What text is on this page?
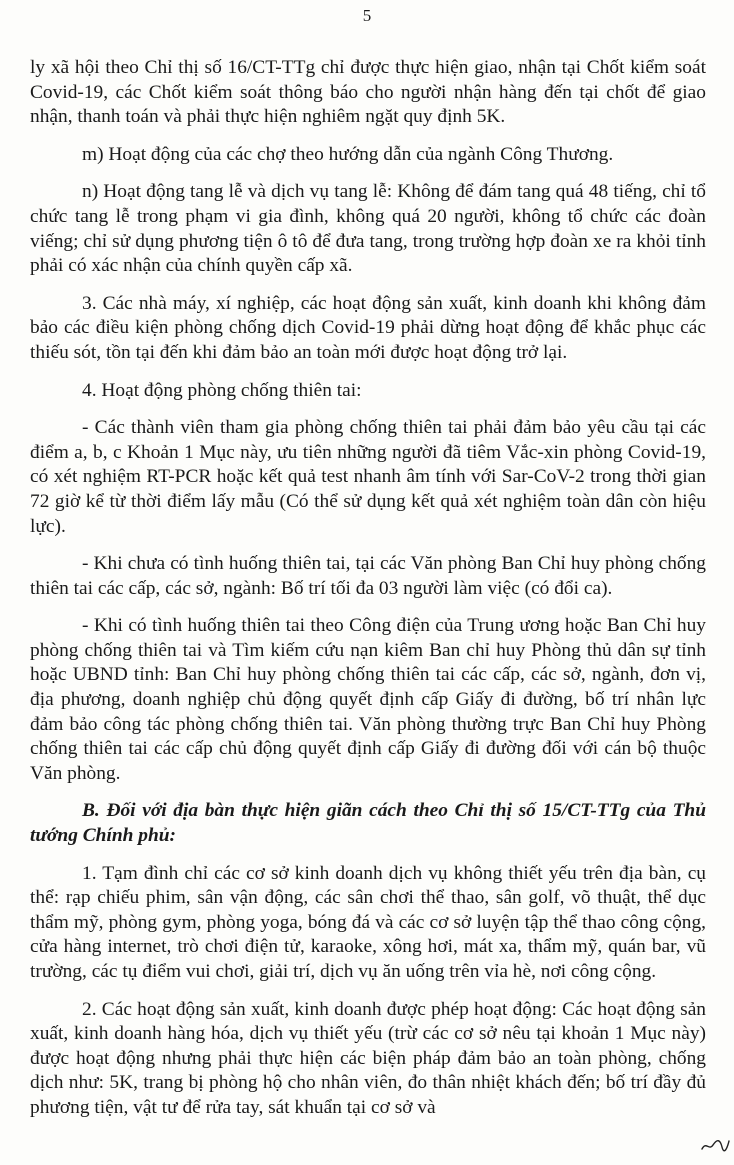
5

ly xã hội theo Chỉ thị số 16/CT-TTg chỉ được thực hiện giao, nhận tại Chốt kiểm soát Covid-19, các Chốt kiểm soát thông báo cho người nhận hàng đến tại chốt để giao nhận, thanh toán và phải thực hiện nghiêm ngặt quy định 5K.

m) Hoạt động của các chợ theo hướng dẫn của ngành Công Thương.

n) Hoạt động tang lễ và dịch vụ tang lễ: Không để đám tang quá 48 tiếng, chỉ tổ chức tang lễ trong phạm vi gia đình, không quá 20 người, không tổ chức các đoàn viếng; chỉ sử dụng phương tiện ô tô để đưa tang, trong trường hợp đoàn xe ra khỏi tỉnh phải có xác nhận của chính quyền cấp xã.

3. Các nhà máy, xí nghiệp, các hoạt động sản xuất, kinh doanh khi không đảm bảo các điều kiện phòng chống dịch Covid-19 phải dừng hoạt động để khắc phục các thiếu sót, tồn tại đến khi đảm bảo an toàn mới được hoạt động trở lại.

4. Hoạt động phòng chống thiên tai:

- Các thành viên tham gia phòng chống thiên tai phải đảm bảo yêu cầu tại các điểm a, b, c Khoản 1 Mục này, ưu tiên những người đã tiêm Vắc-xin phòng Covid-19, có xét nghiệm RT-PCR hoặc kết quả test nhanh âm tính với Sar-CoV-2 trong thời gian 72 giờ kể từ thời điểm lấy mẫu (Có thể sử dụng kết quả xét nghiệm toàn dân còn hiệu lực).

- Khi chưa có tình huống thiên tai, tại các Văn phòng Ban Chỉ huy phòng chống thiên tai các cấp, các sở, ngành: Bố trí tối đa 03 người làm việc (có đổi ca).

- Khi có tình huống thiên tai theo Công điện của Trung ương hoặc Ban Chỉ huy phòng chống thiên tai và Tìm kiếm cứu nạn kiêm Ban chỉ huy Phòng thủ dân sự tỉnh hoặc UBND tỉnh: Ban Chỉ huy phòng chống thiên tai các cấp, các sở, ngành, đơn vị, địa phương, doanh nghiệp chủ động quyết định cấp Giấy đi đường, bố trí nhân lực đảm bảo công tác phòng chống thiên tai. Văn phòng thường trực Ban Chỉ huy Phòng chống thiên tai các cấp chủ động quyết định cấp Giấy đi đường đối với cán bộ thuộc Văn phòng.

B. Đối với địa bàn thực hiện giãn cách theo Chỉ thị số 15/CT-TTg của Thủ tướng Chính phủ:

1. Tạm đình chỉ các cơ sở kinh doanh dịch vụ không thiết yếu trên địa bàn, cụ thể: rạp chiếu phim, sân vận động, các sân chơi thể thao, sân golf, võ thuật, thể dục thẩm mỹ, phòng gym, phòng yoga, bóng đá và các cơ sở luyện tập thể thao công cộng, cửa hàng internet, trò chơi điện tử, karaoke, xông hơi, mát xa, thẩm mỹ, quán bar, vũ trường, các tụ điểm vui chơi, giải trí, dịch vụ ăn uống trên vỉa hè, nơi công cộng.

2. Các hoạt động sản xuất, kinh doanh được phép hoạt động: Các hoạt động sản xuất, kinh doanh hàng hóa, dịch vụ thiết yếu (trừ các cơ sở nêu tại khoản 1 Mục này) được hoạt động nhưng phải thực hiện các biện pháp đảm bảo an toàn phòng, chống dịch như: 5K, trang bị phòng hộ cho nhân viên, đo thân nhiệt khách đến; bố trí đầy đủ phương tiện, vật tư để rửa tay, sát khuẩn tại cơ sở và
